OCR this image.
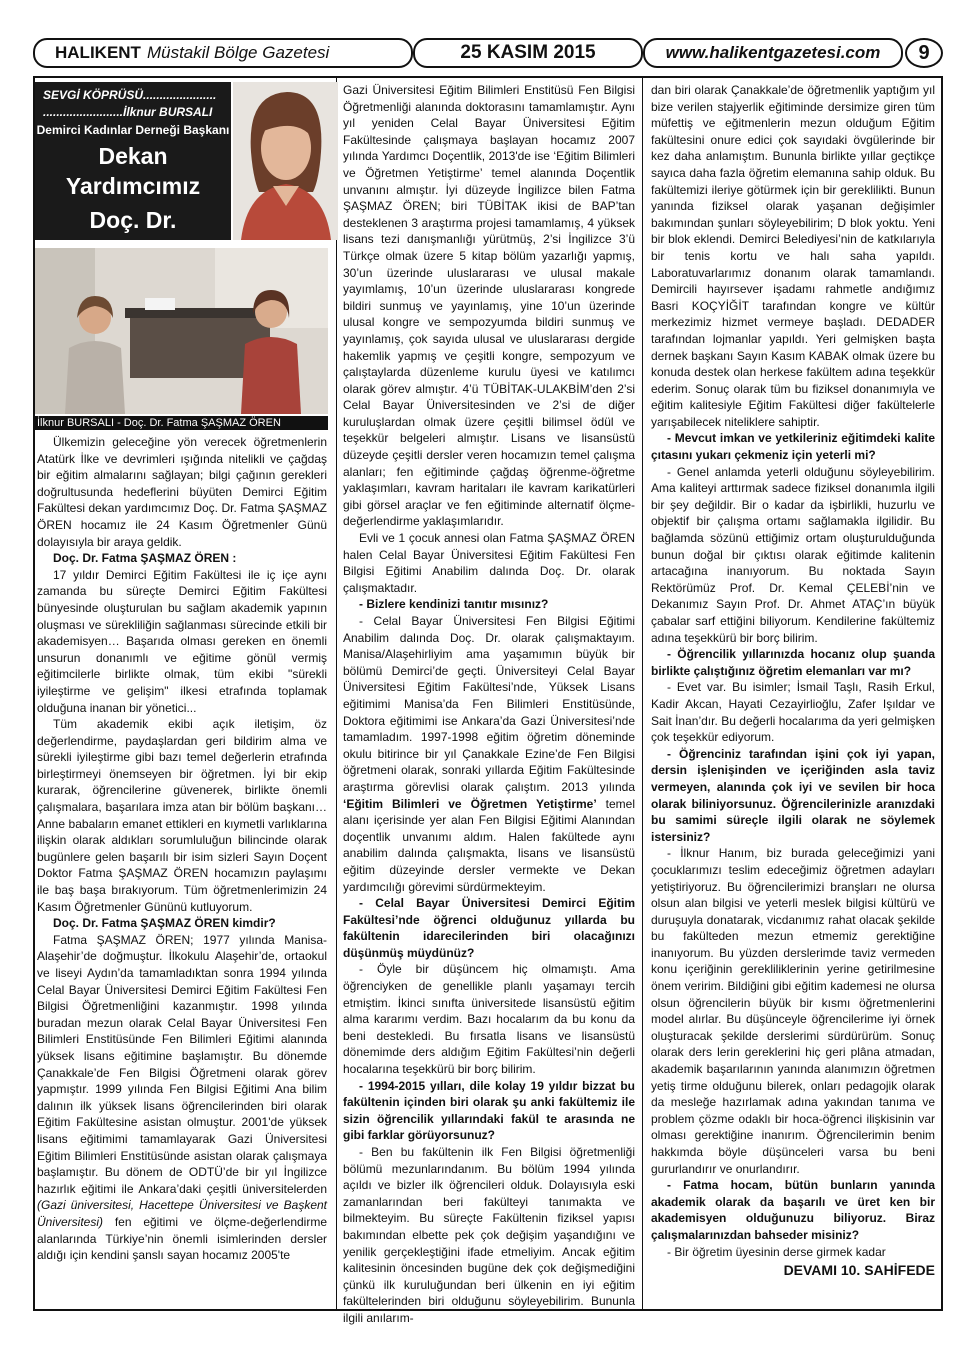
HALIKENT Müstakil Bölge Gazetesi	25 KASIM 2015	www.halikentgazetesi.com	9
SEVGİ KÖPRÜSÜ......................
........................İlknur BURSALI
Demirci Kadınlar Derneği Başkanı
Dekan Yardımcımız
Doç. Dr.
İlknur BURSALI - Doç. Dr. Fatma ŞAŞMAZ ÖREN

Ülkemizin geleceğine yön verecek öğretmenlerin Atatürk İlke ve devrimleri ışığında nitelikli ve çağdaş bir eğitim almalarını sağlayan; bilgi çağının gerekleri doğrultusunda hedeflerini büyüten Demirci Eğitim Fakültesi dekan yardımcımız Doç. Dr. Fatma ŞAŞMAZ ÖREN hocamız ile 24 Kasım Öğretmenler Günü dolayısıyla bir araya geldik.

Doç. Dr. Fatma ŞAŞMAZ ÖREN :

17 yıldır Demirci Eğitim Fakültesi ile iç içe aynı zamanda bu süreçte Demirci Eğitim Fakültesi bünyesinde oluşturulan bu sağlam akademik yapının oluşması ve sürekliliğin sağlanması sürecinde etkili bir akademisyen… Başarıda olması gereken en önemli unsurun donanımlı ve eğitime gönül vermiş eğitimcilerle birlikte olmak, tüm ekibi "sürekli iyileştirme ve gelişim" ilkesi etrafında toplamak olduğuna inanan bir yönetici...

Tüm akademik ekibi açık iletişim, öz değerlendirme, paydaşlardan geri bildirim alma ve sürekli iyileştirme gibi bazı temel değerlerin etrafında birleştirmeyi önemseyen bir öğretmen. İyi bir ekip kurarak, öğrencilerine güvenerek, birlikte önemli çalışmalara, başarılara imza atan bir bölüm başkanı…Anne babaların emanet ettikleri en kıymetli varlıklarına ilişkin olarak aldıkları sorumluluğun bilincinde olarak bugünlere gelen başarılı bir isim sizleri Sayın Doçent Doktor Fatma ŞAŞMAZ ÖREN hocamızın paylaşımı ile baş başa bırakıyorum. Tüm öğretmenlerimizin 24 Kasım Öğretmenler Gününü kutluyorum.

Doç. Dr. Fatma ŞAŞMAZ ÖREN kimdir?

Fatma ŞAŞMAZ ÖREN; 1977 yılında Manisa-Alaşehir’de doğmuştur. İlkokulu Alaşehir’de, ortaokul ve liseyi Aydın’da tamamladıktan sonra 1994 yılında Celal Bayar Üniversitesi Demirci Eğitim Fakültesi Fen Bilgisi Öğretmenliğini kazanmıştır. 1998 yılında buradan mezun olarak Celal Bayar Üniversitesi Fen Bilimleri Enstitüsünde Fen Bilimleri Eğitimi alanında yüksek lisans eğitimine başlamıştır. Bu dönemde Çanakkale’de Fen Bilgisi Öğretmeni olarak görev yapmıştır. 1999 yılında Fen Bilgisi Eğitimi Ana bilim dalının ilk yüksek lisans öğrencilerinden biri olarak Eğitim Fakültesine asistan olmuştur. 2001'de yüksek lisans eğitimimi tamamlayarak Gazi Üniversitesi Eğitim Bilimleri Enstitüsünde asistan olarak çalışmaya başlamıştır. Bu dönem de ODTÜ’de bir yıl İngilizce hazırlık eğitimi ile Ankara’daki çeşitli üniversitelerden (Gazi üniversitesi, Hacettepe Üniversitesi ve Başkent Üniversitesi) fen eğitimi ve ölçme-değerlendirme alanlarında Türkiye’nin önemli isimlerinden dersler aldığı için kendini şanslı sayan hocamız 2005'te

Gazi Üniversitesi Eğitim Bilimleri Enstitüsü Fen Bilgisi Öğretmenliği alanında doktorasını tamamlamıştır. Aynı yıl yeniden Celal Bayar Üniversitesi Eğitim Fakültesinde çalışmaya başlayan hocamız 2007 yılında Yardımcı Doçentlik, 2013'de ise ‘Eğitim Bilimleri ve Öğretmen Yetiştirme’ temel alanında Doçentlik unvanını almıştır. İyi düzeyde İngilizce bilen Fatma ŞAŞMAZ ÖREN; biri TÜBİTAK ikisi de BAP’tan desteklenen 3 araştırma projesi tamamlamış, 4 yüksek lisans tezi danışmanlığı yürütmüş, 2’si İngilizce 3’ü Türkçe olmak üzere 5 kitap bölüm yazarlığı yapmış, 30’un üzerinde uluslararası ve ulusal makale yayımlamış, 10’un üzerinde uluslararası kongrede bildiri sunmuş ve yayınlamış, yine 10’un üzerinde ulusal kongre ve sempozyumda bildiri sunmuş ve yayınlamış, çok sayıda ulusal ve uluslararası dergide hakemlik yapmış ve çeşitli kongre, sempozyum ve çalıştaylarda düzenleme kurulu üyesi ve katılımcı olarak görev almıştır. 4’ü TÜBİTAK-ULAKBİM’den 2’si Celal Bayar Üniversitesinden ve 2’si de diğer kuruluşlardan olmak üzere çeşitli bilimsel ödül ve teşekkür belgeleri almıştır. Lisans ve lisansüstü düzeyde çeşitli dersler veren hocamızın temel çalışma alanları; fen eğitiminde çağdaş öğrenme-öğretme yaklaşımları, kavram haritaları ile kavram karikatürleri gibi görsel araçlar ve fen eğitiminde alternatif ölçme-değerlendirme yaklaşımlarıdır.

Evli ve 1 çocuk annesi olan Fatma ŞAŞMAZ ÖREN halen Celal Bayar Üniversitesi Eğitim Fakültesi Fen Bilgisi Eğitimi Anabilim dalında Doç. Dr. olarak çalışmaktadır.

- Bizlere kendinizi tanıtır mısınız?

- Celal Bayar Üniversitesi Fen Bilgisi Eğitimi Anabilim dalında Doç. Dr. olarak çalışmaktayım. Manisa/Alaşehirliyim ama yaşamımın büyük bir bölümü Demirci’de geçti. Üniversiteyi Celal Bayar Üniversitesi Eğitim Fakültesi’nde, Yüksek Lisans eğitimimi Manisa’da Fen Bilimleri Enstitüsünde, Doktora eğitimimi ise Ankara’da Gazi Üniversitesi’nde tamamladım. 1997-1998 eğitim öğretim döneminde okulu bitirince bir yıl Çanakkale Ezine’de Fen Bilgisi öğretmeni olarak, sonraki yıllarda Eğitim Fakültesinde araştırma görevlisi olarak çalıştım. 2013 yılında ‘Eğitim Bilimleri ve Öğretmen Yetiştirme’ temel alanı içerisinde yer alan Fen Bilgisi Eğitimi Alanından doçentlik unvanımı aldım. Halen fakültede aynı anabilim dalında çalışmakta, lisans ve lisansüstü eğitim düzeyinde dersler vermekte ve Dekan yardımcılığı görevimi sürdürmekteyim.

- Celal Bayar Üniversitesi Demirci Eğitim Fakültesi’nde öğrenci olduğunuz yıllarda bu fakültenin idarecilerinden biri olacağınızı düşünmüş müydünüz?

- Öyle bir düşüncem hiç olmamıştı. Ama öğrenciyken de genellikle planlı yaşamayı tercih etmiştim. İkinci sınıfta üniversitede lisansüstü eğitim alma kararımı verdim. Bazı hocalarım da bu konu da beni destekledi. Bu fırsatla lisans ve lisansüstü dönemimde ders aldığım Eğitim Fakültesi’nin değerli hocalarına teşekkürü bir borç bilirim.

- 1994-2015 yılları, dile kolay 19 yıldır bizzat bu fakültenin içinden biri olarak şu anki fakültemiz ile sizin öğrencilik yıllarındaki fakül te arasında ne gibi farklar görüyorsunuz?

- Ben bu fakültenin ilk Fen Bilgisi öğretmenliği bölümü mezunlarındanım. Bu bölüm 1994 yılında açıldı ve bizler ilk öğrencileri olduk. Dolayısıyla eski zamanlarından beri fakülteyi tanımakta ve bilmekteyim. Bu süreçte Fakültenin fiziksel yapısı bakımından elbette pek çok değişim yaşandığını ve yenilik gerçekleştiğini ifade etmeliyim. Ancak eğitim kalitesinin öncesinden bugüne dek çok değişmediğini çünkü ilk kuruluğundan beri ülkenin en iyi eğitim fakültelerinden biri olduğunu söyleyebilirim. Bununla ilgili anılarım-

dan biri olarak Çanakkale’de öğretmenlik yaptığım yıl bize verilen stajyerlik eğitiminde dersimize giren tüm müfettiş ve eğitmenlerin mezun olduğum Eğitim fakültesini onure edici çok sayıdaki övgülerinde bir kez daha anlamıştım. Bununla birlikte yıllar geçtikçe sayıca daha fazla öğretim elemanına sahip olduk. Bu fakültemizi ileriye götürmek için bir gereklilikti. Bunun yanında fiziksel olarak yaşanan değişimler bakımından şunları söyleyebilirim; D blok yoktu. Yeni bir blok eklendi. Demirci Belediyesi’nin de katkılarıyla bir tenis kortu ve halı saha yapıldı. Laboratuvarlarımız donanım olarak tamamlandı. Demircili hayırsever işadamı rahmetle andığımız Basri KOÇYİĞİT tarafından kongre ve kültür merkezimiz hizmet vermeye başladı. DEDADER tarafından lojmanlar yapıldı. Yeri gelmişken başta dernek başkanı Sayın Kasım KABAK olmak üzere bu konuda destek olan herkese fakültem adına teşekkür ederim. Sonuç olarak tüm bu fiziksel donanımıyla ve eğitim kalitesiyle Eğitim Fakültesi diğer fakültelerle yarışabilecek niteliklere sahiptir.

- Mevcut imkan ve yetkileriniz eğitimdeki kalite çıtasını yukarı çekmeniz için yeterli mi?

- Genel anlamda yeterli olduğunu söyleyebilirim. Ama kaliteyi arttırmak sadece fiziksel donanımla ilgili bir şey değildir. Bir o kadar da işbirlikli, huzurlu ve objektif bir çalışma ortamı sağlamakla ilgilidir. Bu bağlamda sözünü ettiğimiz ortam oluşturulduğunda bunun doğal bir çıktısı olarak eğitimde kalitenin artacağına inanıyorum. Bu noktada Sayın Rektörümüz Prof. Dr. Kemal ÇELEBİ’nin ve Dekanımız Sayın Prof. Dr. Ahmet ATAÇ’ın büyük çabalar sarf ettiğini biliyorum. Kendilerine fakültemiz adına teşekkürü bir borç bilirim.

- Öğrencilik yıllarınızda hocanız olup şuanda birlikte çalıştığınız öğretim elemanları var mı?

- Evet var. Bu isimler; İsmail Taşlı, Rasih Erkul, Kadir Akcan, Hayati Cezayirlioğlu, Zafer Işıldar ve Sait İnan’dır. Bu değerli hocalarıma da yeri gelmişken çok teşekkür ediyorum.

- Öğrenciniz tarafından işini çok iyi yapan, dersin işlenişinden ve içeriğinden asla taviz vermeyen, alanında çok iyi ve sevilen bir hoca olarak biliniyorsunuz. Öğrencilerinizle aranızdaki bu samimi süreçle ilgili olarak ne söylemek istersiniz?

- İlknur Hanım, biz burada geleceğimizi yani çocuklarımızı teslim edeceğimiz öğretmen adayları yetiştiriyoruz. Bu öğrencilerimizi branşları ne olursa olsun alan bilgisi ve yeterli meslek bilgisi kültürü ve duruşuyla donatarak, vicdanımız rahat olacak şekilde bu fakülteden mezun etmemiz gerektiğine inanıyorum. Bu yüzden derslerimde taviz vermeden konu içeriğinin gerekliliklerinin yerine getirilmesine önem veririm. Bildiğini gibi eğitim kademesi ne olursa olsun öğrencilerin büyük bir kısmı öğretmenlerini model alırlar. Bu düşünceyle öğrencilerime iyi örnek oluşturacak şekilde derslerimi sürdürürüm. Sonuç olarak ders lerin gereklerini hiç geri plâna atmadan, akademik başarılarının yanında alanımızın öğretmen yetiş tirme olduğunu bilerek, onları pedagojik olarak da mesleğe hazırlamak adına yakından tanıma ve problem çözme odaklı bir hoca-öğrenci ilişkisinin var olması gerektiğine inanırım. Öğrencilerimin benim hakkımda böyle düşünceleri varsa bu beni gururlandırır ve onurlandırır.

- Fatma hocam, bütün bunların yanında akademik olarak da başarılı ve üret ken bir akademisyen olduğunuzu biliyoruz. Biraz çalışmalarınızdan bahseder misiniz?

- Bir öğretim üyesinin derse girmek kadar

DEVAMI 10. SAHİFEDE
